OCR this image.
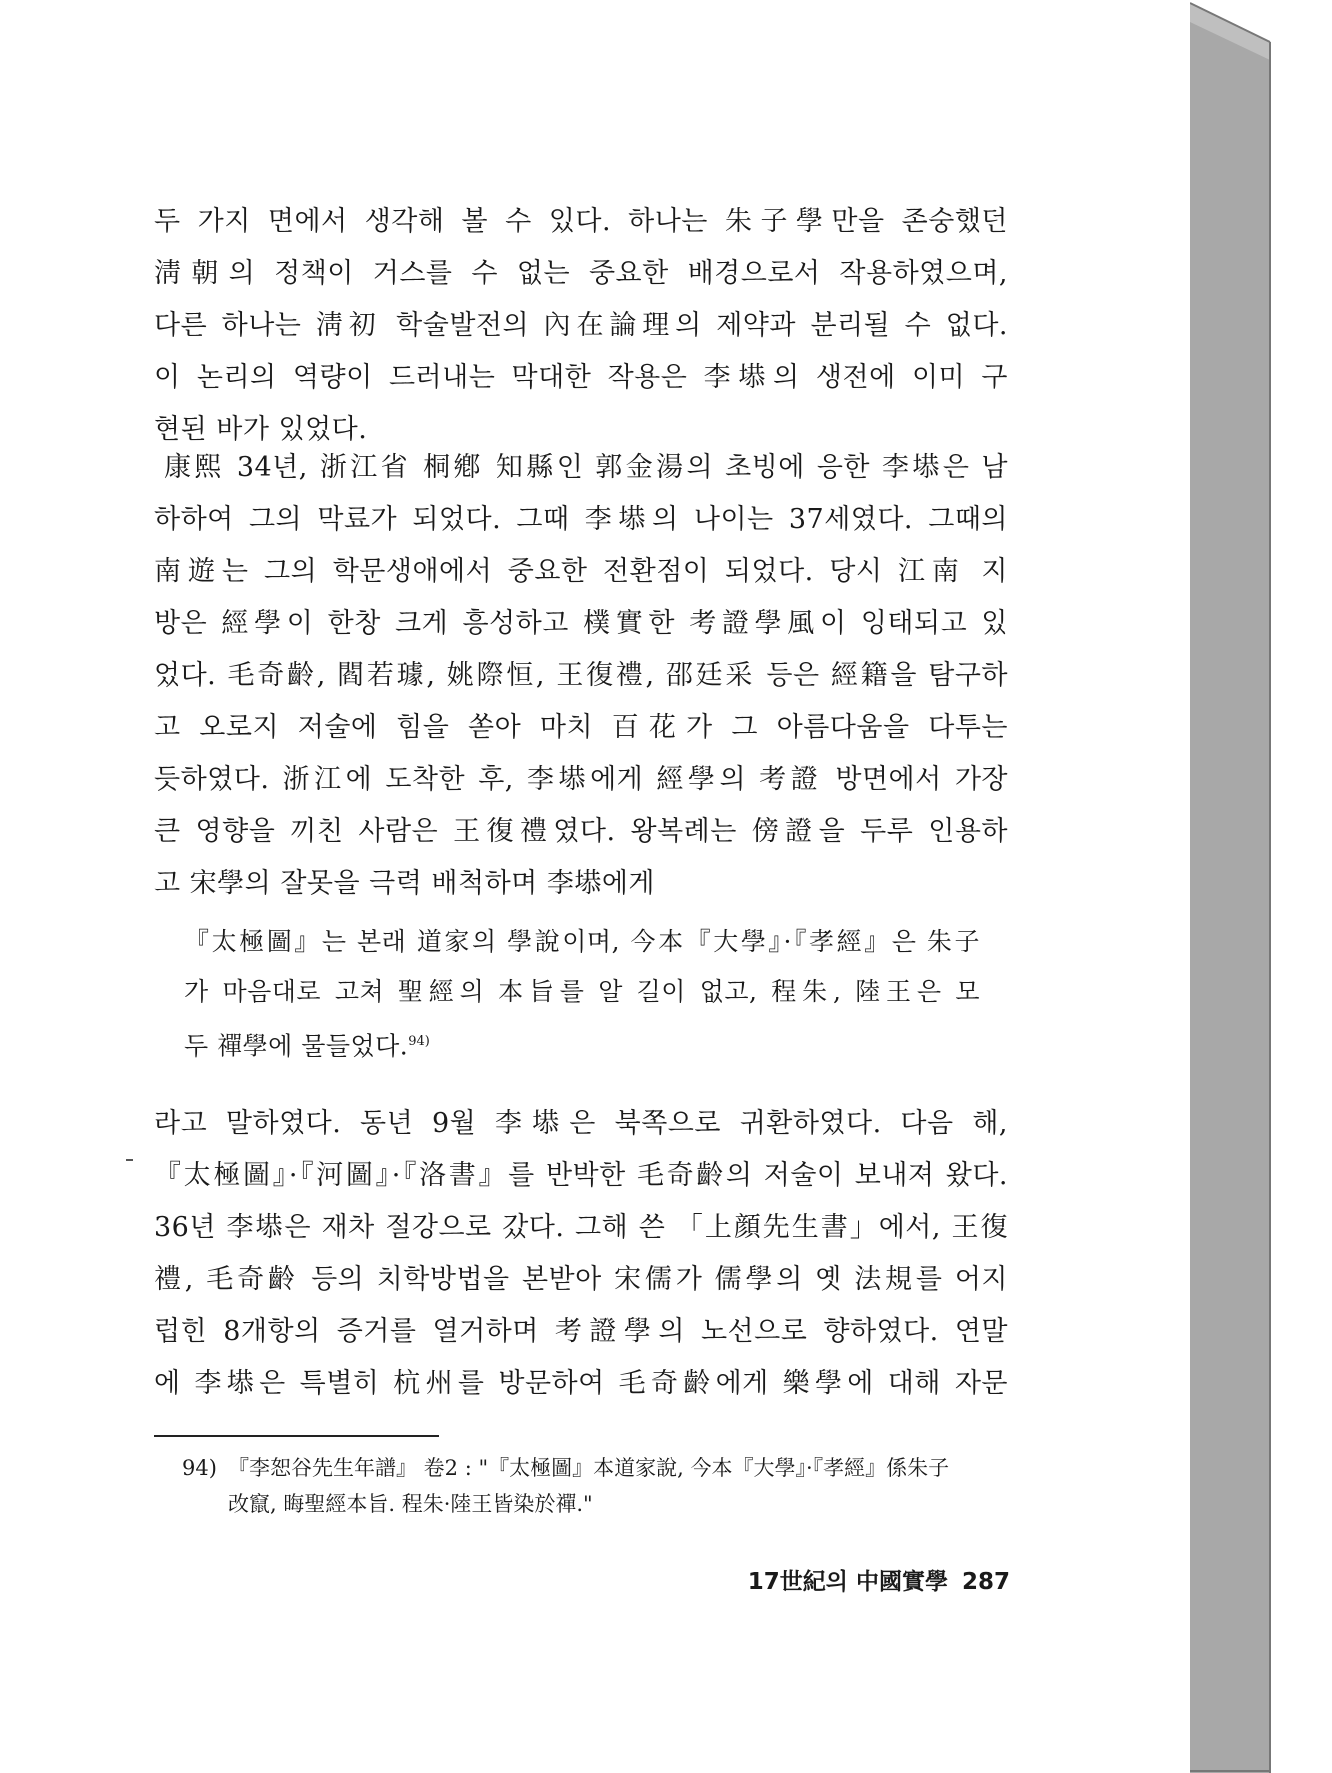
두 가지 면에서 생각해 볼 수 있다. 하나는 朱子學만을 존숭했던
淸朝의 정책이 거스를 수 없는 중요한 배경으로서 작용하였으며,
다른 하나는 淸初 학술발전의 內在論理의 제약과 분리될 수 없다.
이 논리의 역량이 드러내는 막대한 작용은 李塨의 생전에 이미 구
현된 바가 있었다.
康熙 34년, 浙江省 桐鄕 知縣인 郭金湯의 초빙에 응한 李塨은 남
하하여 그의 막료가 되었다. 그때 李塨의 나이는 37세였다. 그때의
南遊는 그의 학문생애에서 중요한 전환점이 되었다. 당시 江南 지
방은 經學이 한창 크게 흥성하고 樸實한 考證學風이 잉태되고 있
었다. 毛奇齡, 閻若璩, 姚際恒, 王復禮, 邵廷采 등은 經籍을 탐구하
고 오로지 저술에 힘을 쏟아 마치 百花가 그 아름다움을 다투는
듯하였다. 浙江에 도착한 후, 李塨에게 經學의 考證 방면에서 가장
큰 영향을 끼친 사람은 王復禮였다. 왕복례는 傍證을 두루 인용하
고 宋學의 잘못을 극력 배척하며 李塨에게
『太極圖』는 본래 道家의 學說이며, 今本『大學』·『孝經』은 朱子
가 마음대로 고쳐 聖經의 本旨를 알 길이 없고, 程朱, 陸王은 모
두 禪學에 물들었다.$^{94)}$
라고 말하였다. 동년 9월 李塨은 북쪽으로 귀환하였다. 다음 해,
『太極圖』·『河圖』·『洛書』를 반박한 毛奇齡의 저술이 보내져 왔다.
36년 李塨은 재차 절강으로 갔다. 그해 쓴 「上顔先生書」에서, 王復
禮, 毛奇齡 등의 치학방법을 본받아 宋儒가 儒學의 옛 法規를 어지
럽힌 8개항의 증거를 열거하며 考證學의 노선으로 향하였다. 연말
에 李塨은 특별히 杭州를 방문하여 毛奇齡에게 樂學에 대해 자문
94) 『李恕谷先生年譜』 卷2 : "『太極圖』本道家說, 今本『大學』·『孝經』係朱子
改竄, 晦聖經本旨. 程朱·陸王皆染於禪."
17世紀의 中國實學 287
